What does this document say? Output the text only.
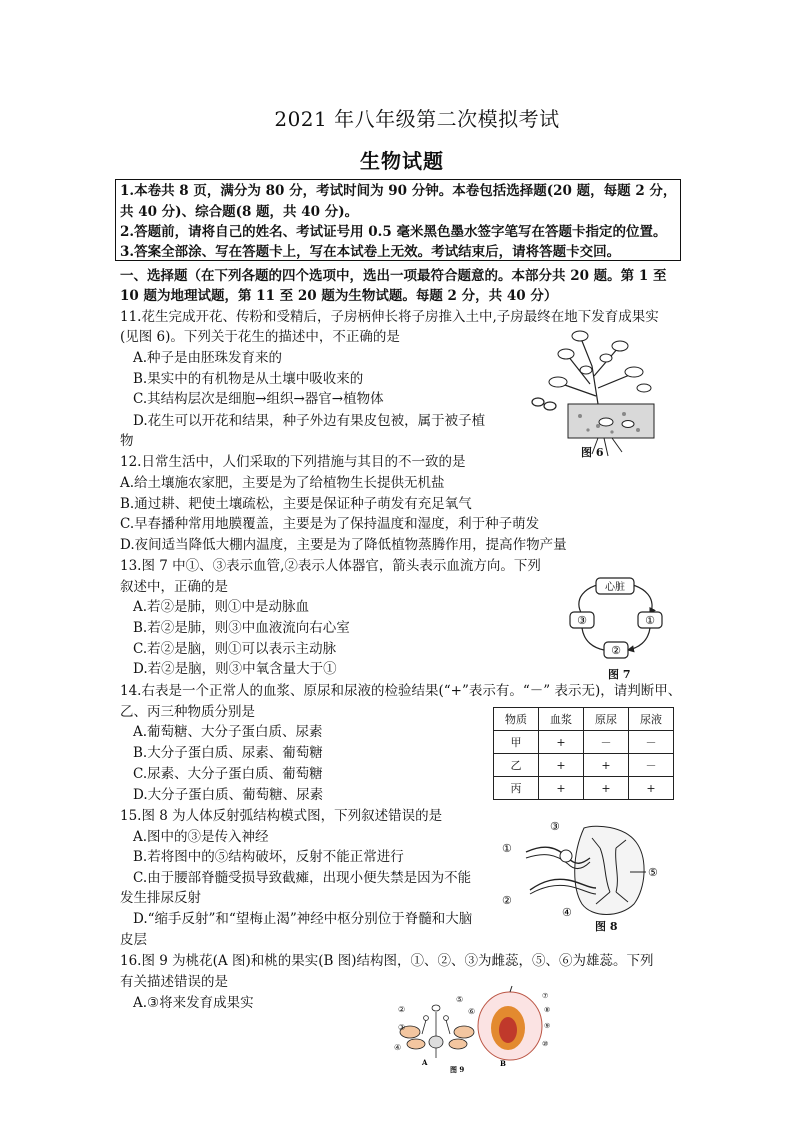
2021 年八年级第二次模拟考试
生物试题
1.本卷共 8 页，满分为 80 分，考试时间为 90 分钟。本卷包括选择题(20 题，每题 2 分，
共 40 分)、综合题(8 题，共 40 分)。
2.答题前，请将自己的姓名、考试证号用 0.5 毫米黑色墨水签字笔写在答题卡指定的位置。
3.答案全部涂、写在答题卡上，写在本试卷上无效。考试结束后，请将答题卡交回。
一、选择题（在下列各题的四个选项中，选出一项最符合题意的。本部分共 20 题。第 1 至
10 题为地理试题，第 11 至 20 题为生物试题。每题 2 分，共 40 分）
11.花生完成开花、传粉和受精后，子房柄伸长将子房推入土中,子房最终在地下发育成果实
(见图 6)。下列关于花生的描述中，不正确的是
A.种子是由胚珠发育来的
B.果实中的有机物是从土壤中吸收来的
C.其结构层次是细胞→组织→器官→植物体
D.花生可以开花和结果，种子外边有果皮包被，属于被子植
物
图 6
12.日常生活中，人们采取的下列措施与其目的不一致的是
A.给土壤施农家肥，主要是为了给植物生长提供无机盐
B.通过耕、耙使土壤疏松，主要是保证种子萌发有充足氧气
C.早春播种常用地膜覆盖，主要是为了保持温度和湿度，利于种子萌发
D.夜间适当降低大棚内温度，主要是为了降低植物蒸腾作用，提高作物产量
13.图 7 中①、③表示血管,②表示人体器官，箭头表示血流方向。下列
叙述中，正确的是
A.若②是肺，则①中是动脉血
B.若②是肺，则③中血液流向右心室
C.若②是脑，则①可以表示主动脉
D.若②是脑，则③中氧含量大于①
心脏
③	①
②
图 7
14.右表是一个正常人的血浆、原尿和尿液的检验结果(“+”表示有。“－” 表示无)，请判断甲、
乙、丙三种物质分别是
A.葡萄糖、大分子蛋白质、尿素
B.大分子蛋白质、尿素、葡萄糖
C.尿素、大分子蛋白质、葡萄糖
D.大分子蛋白质、葡萄糖、尿素
物质	血浆	原尿	尿液
甲	+	－	－
乙	+	+	－
丙	+	+	+
15.图 8 为人体反射弧结构模式图，下列叙述错误的是
A.图中的③是传入神经
B.若将图中的⑤结构破坏，反射不能正常进行
C.由于腰部脊髓受损导致截瘫，出现小便失禁是因为不能
发生排尿反射
D.“缩手反射”和“望梅止渴”神经中枢分别位于脊髓和大脑
皮层
①
③
②
④
⑤
图 8
16.图 9 为桃花(A 图)和桃的果实(B 图)结构图，①、②、③为雌蕊，⑤、⑥为雄蕊。下列
有关描述错误的是
A.③将来发育成果实	②
③
⑤
⑥
④
A
图 9
⑦
⑧
⑨
⑩
B
